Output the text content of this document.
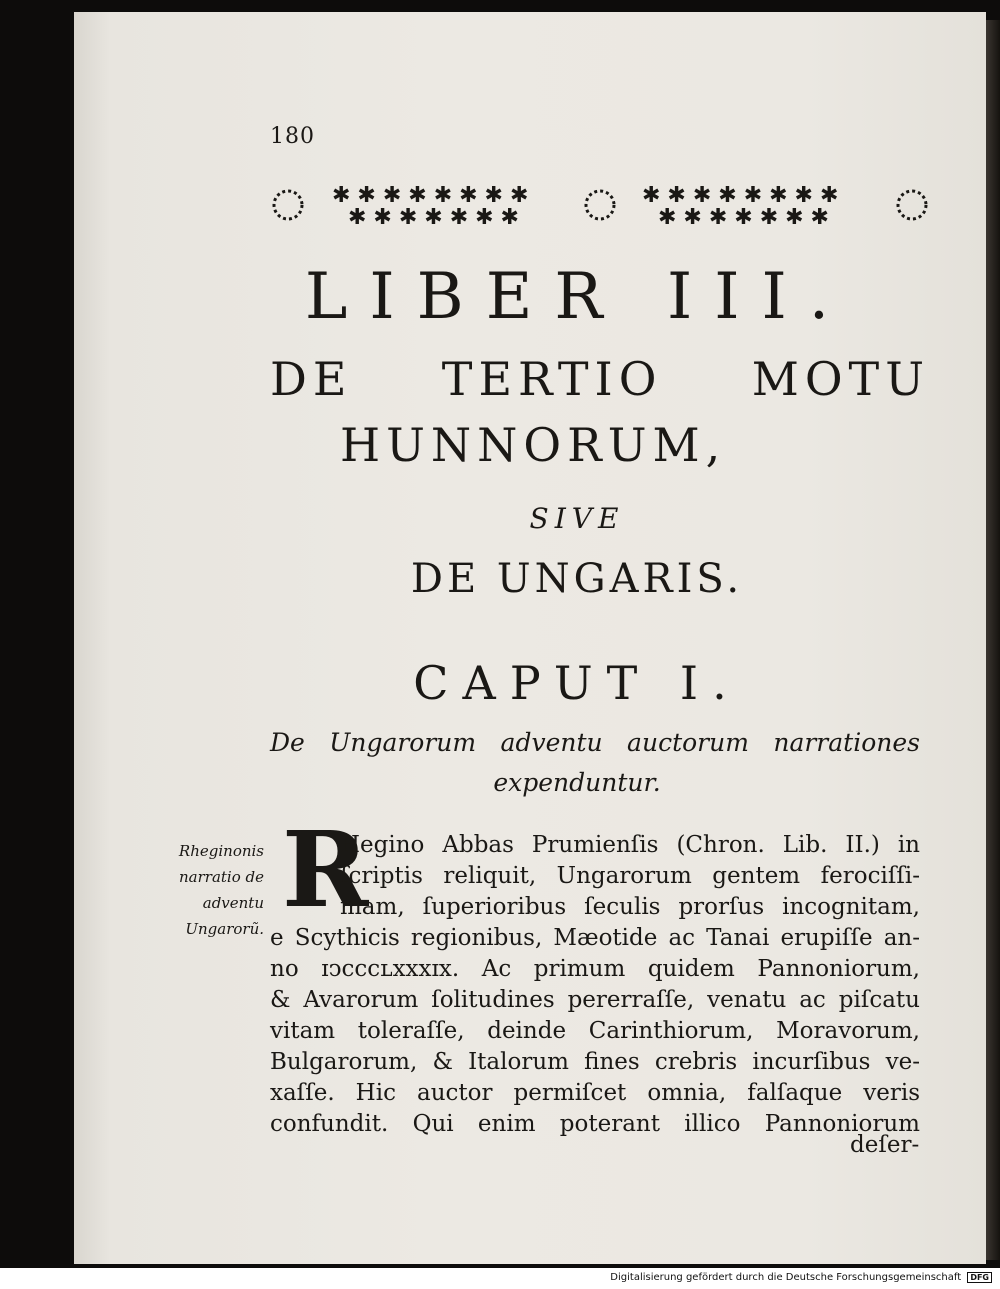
180
✱ ✱ ✱ ✱ ✱ ✱ ✱ ✱
✱ ✱ ✱ ✱ ✱ ✱ ✱
✱ ✱ ✱ ✱ ✱ ✱ ✱ ✱
✱ ✱ ✱ ✱ ✱ ✱ ✱
LIBER III.
DE TERTIO MOTU
HUNNORUM,
SIVE
DE UNGARIS.
CAPUT I.
De Ungarorum adventu auctorum narrationes
expenduntur.
Rheginonis
narratio de
adventu
Ungarorũ. R
Hegino Abbas Prumienſis (Chron. Lib. II.) in
ſcriptis reliquit, Ungarorum gentem ferociſſi-
mam, ſuperioribus ſeculis prorſus incognitam,
e Scythicis regionibus, Mæotide ac Tanai erupiſſe an-
no ɪↄcccʟxxxɪx. Ac primum quidem Pannoniorum,
& Avarorum ſolitudines pererraſſe, venatu ac piſcatu
vitam toleraſſe, deinde Carinthiorum, Moravorum,
Bulgarorum, & Italorum fines crebris incurſibus ve-
xaſſe. Hic auctor permiſcet omnia, falſaque veris
confundit. Qui enim poterant illico Pannoniorum
deſer-
Digitalisierung gefördert durch die Deutsche Forschungsgemeinschaft DFG
